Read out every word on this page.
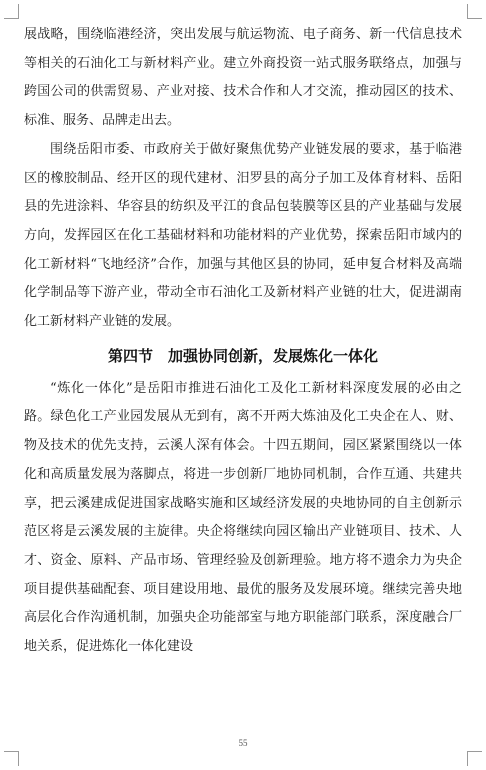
展战略，围绕临港经济，突出发展与航运物流、电子商务、新一代信息技术等相关的石油化工与新材料产业。建立外商投资一站式服务联络点，加强与跨国公司的供需贸易、产业对接、技术合作和人才交流，推动园区的技术、标准、服务、品牌走出去。

围绕岳阳市委、市政府关于做好聚焦优势产业链发展的要求，基于临港区的橡胶制品、经开区的现代建材、汨罗县的高分子加工及体育材料、岳阳县的先进涂料、华容县的纺织及平江的食品包装膜等区县的产业基础与发展方向，发挥园区在化工基础材料和功能材料的产业优势，探索岳阳市域内的化工新材料“飞地经济”合作，加强与其他区县的协同，延申复合材料及高端化学制品等下游产业，带动全市石油化工及新材料产业链的壮大，促进湖南化工新材料产业链的发展。

第四节　加强协同创新，发展炼化一体化

“炼化一体化”是岳阳市推进石油化工及化工新材料深度发展的必由之路。绿色化工产业园发展从无到有，离不开两大炼油及化工央企在人、财、物及技术的优先支持，云溪人深有体会。十四五期间，园区紧紧围绕以一体化和高质量发展为落脚点，将进一步创新厂地协同机制，合作互通、共建共享，把云溪建成促进国家战略实施和区域经济发展的央地协同的自主创新示范区将是云溪发展的主旋律。央企将继续向园区输出产业链项目、技术、人才、资金、原料、产品市场、管理经验及创新理验。地方将不遗余力为央企项目提供基础配套、项目建设用地、最优的服务及发展环境。继续完善央地高层化合作沟通机制，加强央企功能部室与地方职能部门联系，深度融合厂地关系，促进炼化一体化建设

55
